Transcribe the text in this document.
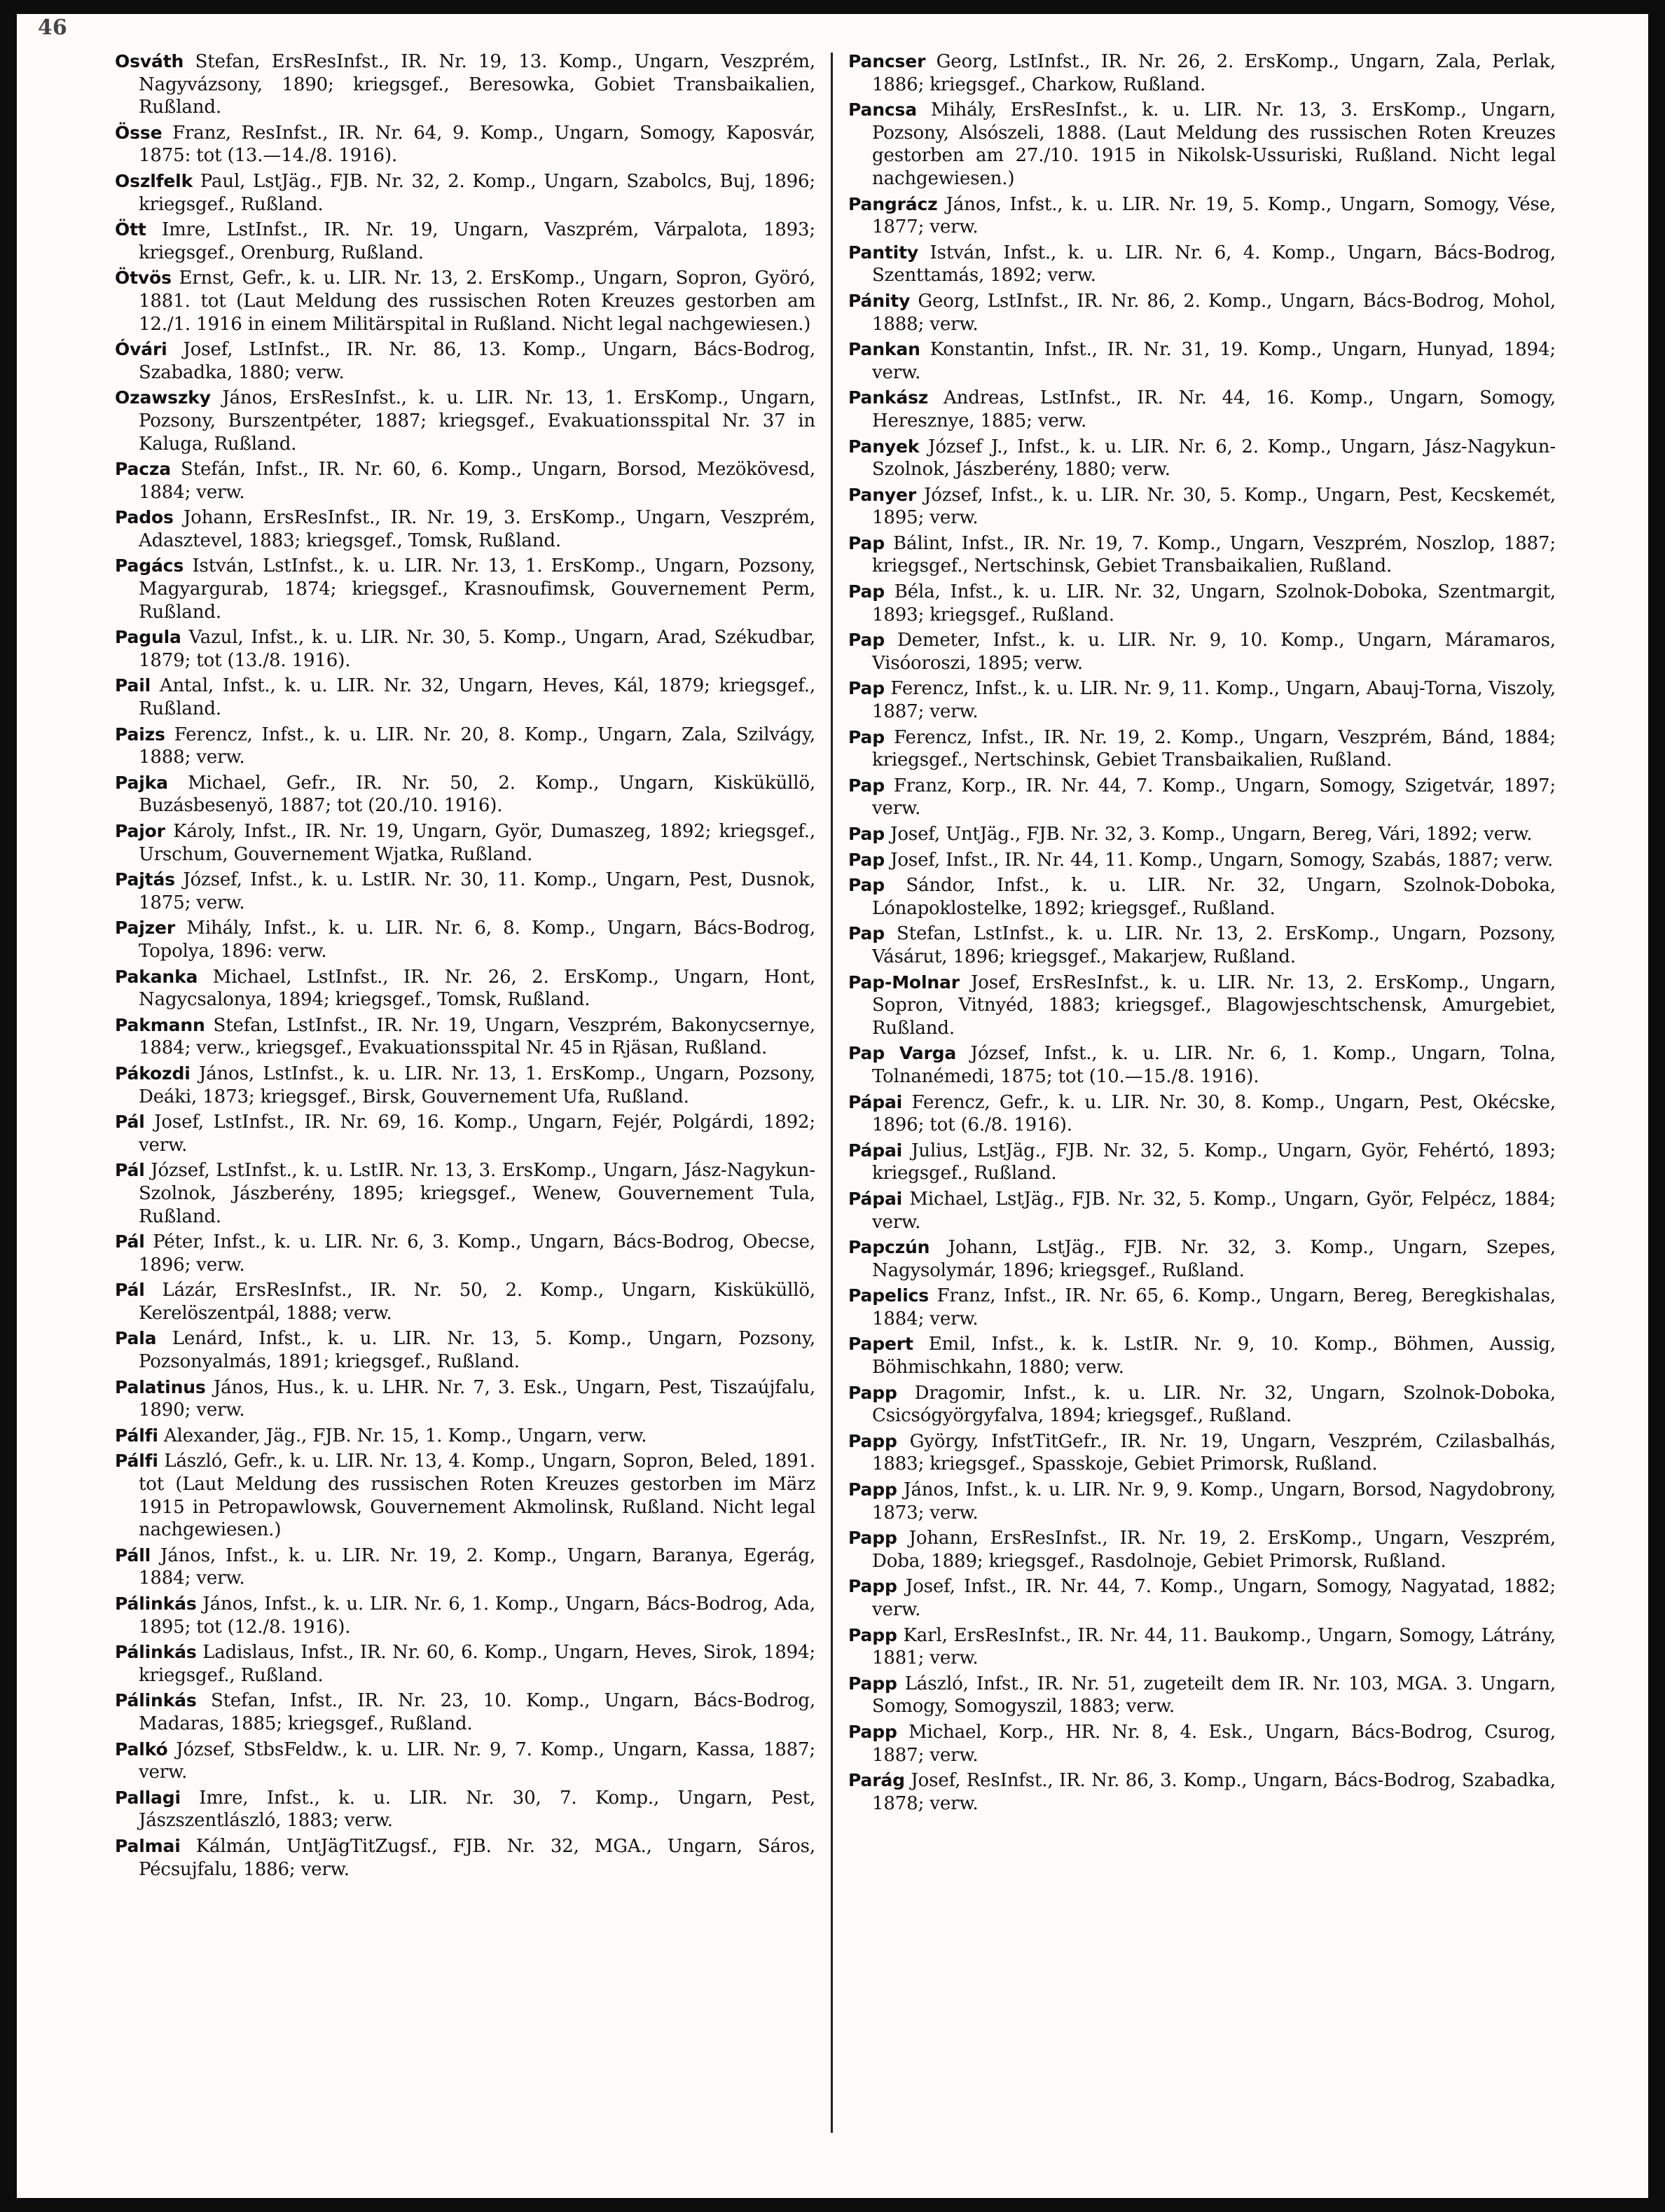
46
Osváth Stefan, ErsResInfst., IR. Nr. 19, 13. Komp., Ungarn, Veszprém, Nagyvázsony, 1890; kriegsgef., Beresowka, Gobiet Transbaikalien, Rußland.
Össe Franz, ResInfst., IR. Nr. 64, 9. Komp., Ungarn, Somogy, Kaposvár, 1875: tot (13.—14./8. 1916).
Oszlfelk Paul, LstJäg., FJB. Nr. 32, 2. Komp., Ungarn, Szabolcs, Buj, 1896; kriegsgef., Rußland.
Ött Imre, LstInfst., IR. Nr. 19, Ungarn, Vaszprém, Várpalota, 1893; kriegsgef., Orenburg, Rußland.
Ötvös Ernst, Gefr., k. u. LIR. Nr. 13, 2. ErsKomp., Ungarn, Sopron, Györó, 1881. tot (Laut Meldung des russischen Roten Kreuzes gestorben am 12./1. 1916 in einem Militärspital in Rußland. Nicht legal nachgewiesen.)
Óvári Josef, LstInfst., IR. Nr. 86, 13. Komp., Ungarn, Bács-Bodrog, Szabadka, 1880; verw.
Ozawszky János, ErsResInfst., k. u. LIR. Nr. 13, 1. ErsKomp., Ungarn, Pozsony, Burszentpéter, 1887; kriegsgef., Evakuationsspital Nr. 37 in Kaluga, Rußland.
Pacza Stefán, Infst., IR. Nr. 60, 6. Komp., Ungarn, Borsod, Mezökövesd, 1884; verw.
Pados Johann, ErsResInfst., IR. Nr. 19, 3. ErsKomp., Ungarn, Veszprém, Adasztevel, 1883; kriegsgef., Tomsk, Rußland.
Pagács István, LstInfst., k. u. LIR. Nr. 13, 1. ErsKomp., Ungarn, Pozsony, Magyargurab, 1874; kriegsgef., Krasnoufimsk, Gouvernement Perm, Rußland.
Pagula Vazul, Infst., k. u. LIR. Nr. 30, 5. Komp., Ungarn, Arad, Székudbar, 1879; tot (13./8. 1916).
Pail Antal, Infst., k. u. LIR. Nr. 32, Ungarn, Heves, Kál, 1879; kriegsgef., Rußland.
Paizs Ferencz, Infst., k. u. LIR. Nr. 20, 8. Komp., Ungarn, Zala, Szilvágy, 1888; verw.
Pajka Michael, Gefr., IR. Nr. 50, 2. Komp., Ungarn, Kisküküllö, Buzásbesenyö, 1887; tot (20./10. 1916).
Pajor Károly, Infst., IR. Nr. 19, Ungarn, Györ, Dumaszeg, 1892; kriegsgef., Urschum, Gouvernement Wjatka, Rußland.
Pajtás József, Infst., k. u. LstIR. Nr. 30, 11. Komp., Ungarn, Pest, Dusnok, 1875; verw.
Pajzer Mihály, Infst., k. u. LIR. Nr. 6, 8. Komp., Ungarn, Bács-Bodrog, Topolya, 1896: verw.
Pakanka Michael, LstInfst., IR. Nr. 26, 2. ErsKomp., Ungarn, Hont, Nagycsalonya, 1894; kriegsgef., Tomsk, Rußland.
Pakmann Stefan, LstInfst., IR. Nr. 19, Ungarn, Veszprém, Bakonycsernye, 1884; verw., kriegsgef., Evakuationsspital Nr. 45 in Rjäsan, Rußland.
Pákozdi János, LstInfst., k. u. LIR. Nr. 13, 1. ErsKomp., Ungarn, Pozsony, Deáki, 1873; kriegsgef., Birsk, Gouvernement Ufa, Rußland.
Pál Josef, LstInfst., IR. Nr. 69, 16. Komp., Ungarn, Fejér, Polgárdi, 1892; verw.
Pál József, LstInfst., k. u. LstIR. Nr. 13, 3. ErsKomp., Ungarn, Jász-Nagykun-Szolnok, Jászberény, 1895; kriegsgef., Wenew, Gouvernement Tula, Rußland.
Pál Péter, Infst., k. u. LIR. Nr. 6, 3. Komp., Ungarn, Bács-Bodrog, Obecse, 1896; verw.
Pál Lázár, ErsResInfst., IR. Nr. 50, 2. Komp., Ungarn, Kisküküllö, Kerelöszentpál, 1888; verw.
Pala Lenárd, Infst., k. u. LIR. Nr. 13, 5. Komp., Ungarn, Pozsony, Pozsonyalmás, 1891; kriegsgef., Rußland.
Palatinus János, Hus., k. u. LHR. Nr. 7, 3. Esk., Ungarn, Pest, Tiszaújfalu, 1890; verw.
Pálfi Alexander, Jäg., FJB. Nr. 15, 1. Komp., Ungarn, verw.
Pálfi László, Gefr., k. u. LIR. Nr. 13, 4. Komp., Ungarn, Sopron, Beled, 1891. tot (Laut Meldung des russischen Roten Kreuzes gestorben im März 1915 in Petropawlowsk, Gouvernement Akmolinsk, Rußland. Nicht legal nachgewiesen.)
Páll János, Infst., k. u. LIR. Nr. 19, 2. Komp., Ungarn, Baranya, Egerág, 1884; verw.
Pálinkás János, Infst., k. u. LIR. Nr. 6, 1. Komp., Ungarn, Bács-Bodrog, Ada, 1895; tot (12./8. 1916).
Pálinkás Ladislaus, Infst., IR. Nr. 60, 6. Komp., Ungarn, Heves, Sirok, 1894; kriegsgef., Rußland.
Pálinkás Stefan, Infst., IR. Nr. 23, 10. Komp., Ungarn, Bács-Bodrog, Madaras, 1885; kriegsgef., Rußland.
Palkó József, StbsFeldw., k. u. LIR. Nr. 9, 7. Komp., Ungarn, Kassa, 1887; verw.
Pallagi Imre, Infst., k. u. LIR. Nr. 30, 7. Komp., Ungarn, Pest, Jászszentlászló, 1883; verw.
Palmai Kálmán, UntJägTitZugsf., FJB. Nr. 32, MGA., Ungarn, Sáros, Pécsujfalu, 1886; verw.
Pancser Georg, LstInfst., IR. Nr. 26, 2. ErsKomp., Ungarn, Zala, Perlak, 1886; kriegsgef., Charkow, Rußland.
Pancsa Mihály, ErsResInfst., k. u. LIR. Nr. 13, 3. ErsKomp., Ungarn, Pozsony, Alsószeli, 1888. (Laut Meldung des russischen Roten Kreuzes gestorben am 27./10. 1915 in Nikolsk-Ussuriski, Rußland. Nicht legal nachgewiesen.)
Pangrácz János, Infst., k. u. LIR. Nr. 19, 5. Komp., Ungarn, Somogy, Vése, 1877; verw.
Pantity István, Infst., k. u. LIR. Nr. 6, 4. Komp., Ungarn, Bács-Bodrog, Szenttamás, 1892; verw.
Pánity Georg, LstInfst., IR. Nr. 86, 2. Komp., Ungarn, Bács-Bodrog, Mohol, 1888; verw.
Pankan Konstantin, Infst., IR. Nr. 31, 19. Komp., Ungarn, Hunyad, 1894; verw.
Pankász Andreas, LstInfst., IR. Nr. 44, 16. Komp., Ungarn, Somogy, Heresznye, 1885; verw.
Panyek József J., Infst., k. u. LIR. Nr. 6, 2. Komp., Ungarn, Jász-Nagykun-Szolnok, Jászberény, 1880; verw.
Panyer József, Infst., k. u. LIR. Nr. 30, 5. Komp., Ungarn, Pest, Kecskemét, 1895; verw.
Pap Bálint, Infst., IR. Nr. 19, 7. Komp., Ungarn, Veszprém, Noszlop, 1887; kriegsgef., Nertschinsk, Gebiet Transbaikalien, Rußland.
Pap Béla, Infst., k. u. LIR. Nr. 32, Ungarn, Szolnok-Doboka, Szentmargit, 1893; kriegsgef., Rußland.
Pap Demeter, Infst., k. u. LIR. Nr. 9, 10. Komp., Ungarn, Máramaros, Visóoroszi, 1895; verw.
Pap Ferencz, Infst., k. u. LIR. Nr. 9, 11. Komp., Ungarn, Abauj-Torna, Viszoly, 1887; verw.
Pap Ferencz, Infst., IR. Nr. 19, 2. Komp., Ungarn, Veszprém, Bánd, 1884; kriegsgef., Nertschinsk, Gebiet Transbaikalien, Rußland.
Pap Franz, Korp., IR. Nr. 44, 7. Komp., Ungarn, Somogy, Szigetvár, 1897; verw.
Pap Josef, UntJäg., FJB. Nr. 32, 3. Komp., Ungarn, Bereg, Vári, 1892; verw.
Pap Josef, Infst., IR. Nr. 44, 11. Komp., Ungarn, Somogy, Szabás, 1887; verw.
Pap Sándor, Infst., k. u. LIR. Nr. 32, Ungarn, Szolnok-Doboka, Lónapoklostelke, 1892; kriegsgef., Rußland.
Pap Stefan, LstInfst., k. u. LIR. Nr. 13, 2. ErsKomp., Ungarn, Pozsony, Vásárut, 1896; kriegsgef., Makarjew, Rußland.
Pap-Molnar Josef, ErsResInfst., k. u. LIR. Nr. 13, 2. ErsKomp., Ungarn, Sopron, Vitnyéd, 1883; kriegsgef., Blagowjeschtschensk, Amurgebiet, Rußland.
Pap Varga József, Infst., k. u. LIR. Nr. 6, 1. Komp., Ungarn, Tolna, Tolnanémedi, 1875; tot (10.—15./8. 1916).
Pápai Ferencz, Gefr., k. u. LIR. Nr. 30, 8. Komp., Ungarn, Pest, Okécske, 1896; tot (6./8. 1916).
Pápai Julius, LstJäg., FJB. Nr. 32, 5. Komp., Ungarn, Györ, Fehértó, 1893; kriegsgef., Rußland.
Pápai Michael, LstJäg., FJB. Nr. 32, 5. Komp., Ungarn, Györ, Felpécz, 1884; verw.
Papczún Johann, LstJäg., FJB. Nr. 32, 3. Komp., Ungarn, Szepes, Nagysolymár, 1896; kriegsgef., Rußland.
Papelics Franz, Infst., IR. Nr. 65, 6. Komp., Ungarn, Bereg, Beregkishalas, 1884; verw.
Papert Emil, Infst., k. k. LstIR. Nr. 9, 10. Komp., Böhmen, Aussig, Böhmischkahn, 1880; verw.
Papp Dragomir, Infst., k. u. LIR. Nr. 32, Ungarn, Szolnok-Doboka, Csicsógyörgyfalva, 1894; kriegsgef., Rußland.
Papp György, InfstTitGefr., IR. Nr. 19, Ungarn, Veszprém, Czilasbalhás, 1883; kriegsgef., Spasskoje, Gebiet Primorsk, Rußland.
Papp János, Infst., k. u. LIR. Nr. 9, 9. Komp., Ungarn, Borsod, Nagydobrony, 1873; verw.
Papp Johann, ErsResInfst., IR. Nr. 19, 2. ErsKomp., Ungarn, Veszprém, Doba, 1889; kriegsgef., Rasdolnoje, Gebiet Primorsk, Rußland.
Papp Josef, Infst., IR. Nr. 44, 7. Komp., Ungarn, Somogy, Nagyatad, 1882; verw.
Papp Karl, ErsResInfst., IR. Nr. 44, 11. Baukomp., Ungarn, Somogy, Látrány, 1881; verw.
Papp László, Infst., IR. Nr. 51, zugeteilt dem IR. Nr. 103, MGA. 3. Ungarn, Somogy, Somogyszil, 1883; verw.
Papp Michael, Korp., HR. Nr. 8, 4. Esk., Ungarn, Bács-Bodrog, Csurog, 1887; verw.
Parág Josef, ResInfst., IR. Nr. 86, 3. Komp., Ungarn, Bács-Bodrog, Szabadka, 1878; verw.
